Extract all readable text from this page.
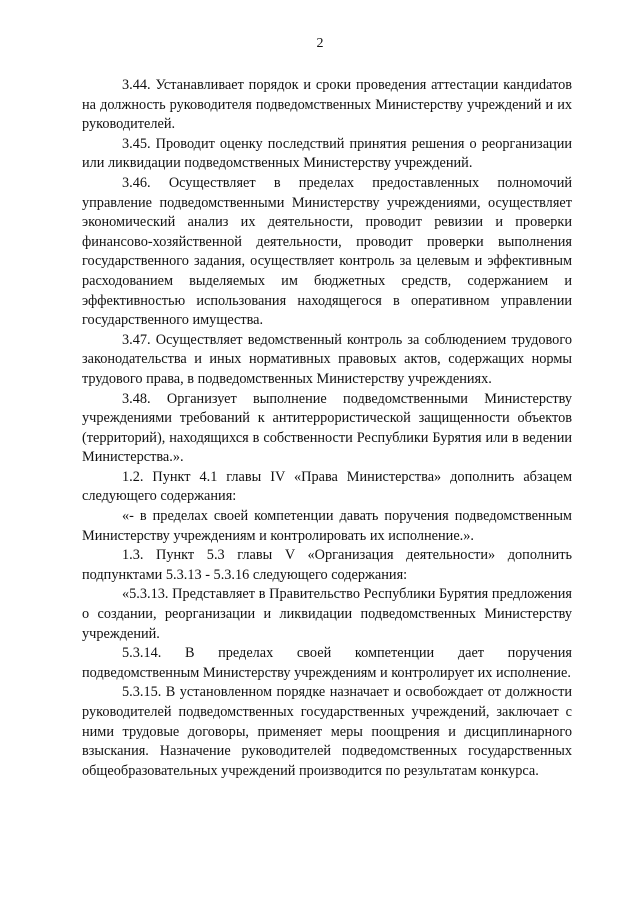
2

3.44. Устанавливает порядок и сроки проведения аттестации кандиdатов на должность руководителя подведомственных Министерству учреждений и их руководителей.

3.45. Проводит оценку последствий принятия решения о реорганизации или ликвидации подведомственных Министерству учреждений.

3.46. Осуществляет в пределах предоставленных полномочий управление подведомственными Министерству учреждениями, осуществляет экономический анализ их деятельности, проводит ревизии и проверки финансово-хозяйственной деятельности, проводит проверки выполнения государственного задания, осуществляет контроль за целевым и эффективным расходованием выделяемых им бюджетных средств, содержанием и эффективностью использования находящегося в оперативном управлении государственного имущества.

3.47. Осуществляет ведомственный контроль за соблюдением трудового законодательства и иных нормативных правовых актов, содержащих нормы трудового права, в подведомственных Министерству учреждениях.

3.48. Организует выполнение подведомственными Министерству учреждениями требований к антитеррористической защищенности объектов (территорий), находящихся в собственности Республики Бурятия или в ведении Министерства.».

1.2. Пункт 4.1 главы IV «Права Министерства» дополнить абзацем следующего содержания:

«- в пределах своей компетенции давать поручения подведомственным Министерству учреждениям и контролировать их исполнение.».

1.3. Пункт 5.3 главы V «Организация деятельности» дополнить подпунктами 5.3.13 - 5.3.16 следующего содержания:

«5.3.13. Представляет в Правительство Республики Бурятия предложения о создании, реорганизации и ликвидации подведомственных Министерству учреждений.

5.3.14. В пределах своей компетенции дает поручения подведомственным Министерству учреждениям и контролирует их исполнение.

5.3.15. В установленном порядке назначает и освобождает от должности руководителей подведомственных государственных учреждений, заключает с ними трудовые договоры, применяет меры поощрения и дисциплинарного взыскания. Назначение руководителей подведомственных государственных общеобразовательных учреждений производится по результатам конкурса.
